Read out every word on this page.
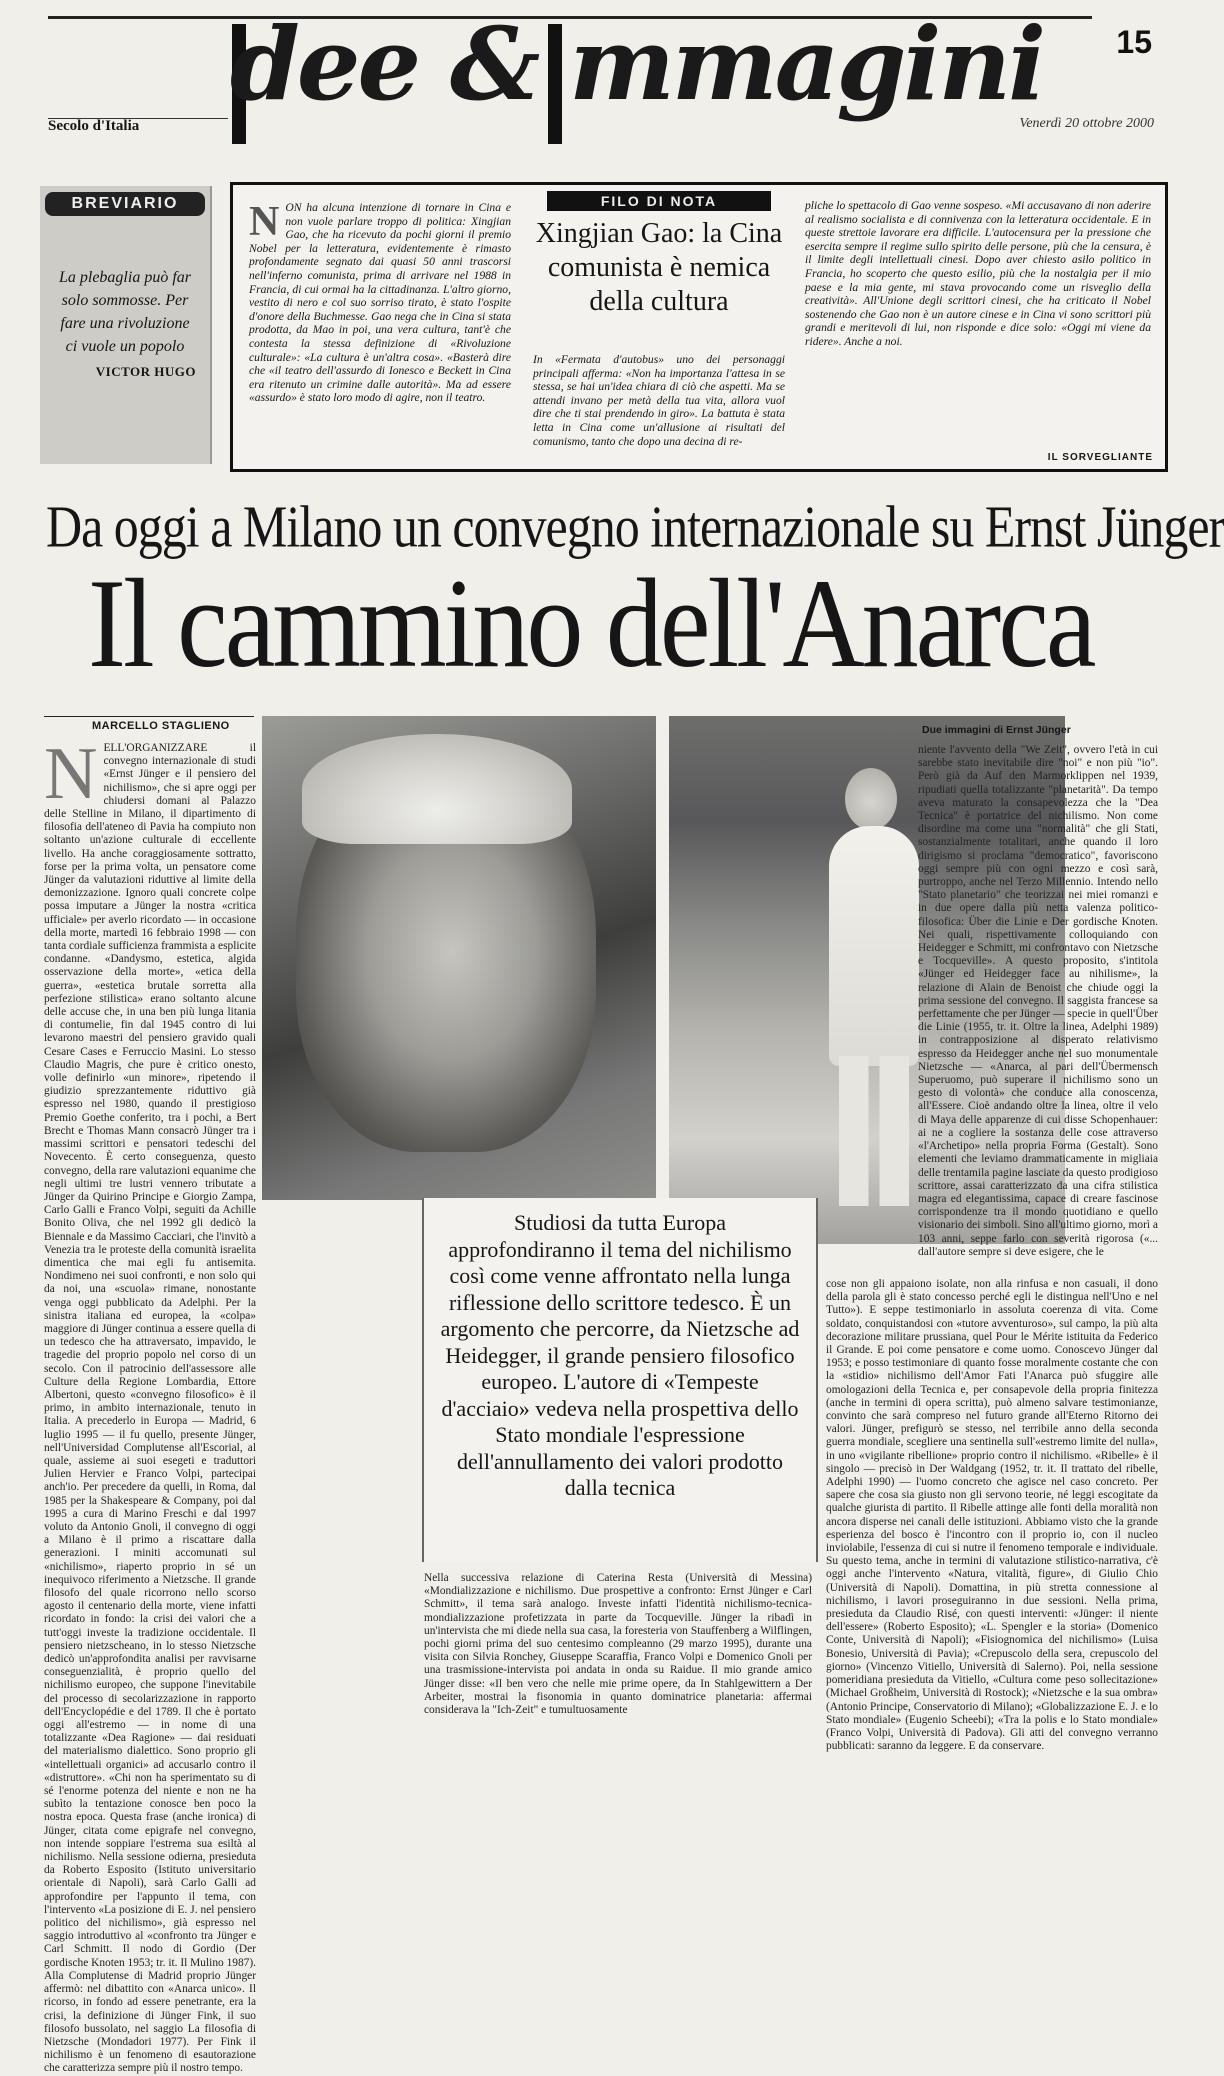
dee & mmagini 15
Secolo d'Italia	Venerdì 20 ottobre 2000
BREVIARIO
La plebaglia può far solo sommosse. Per fare una rivoluzione ci vuole un popolo
VICTOR HUGO
NON ha alcuna intenzione di tornare in Cina e non vuole parlare troppo di politica: Xingjian Gao, che ha ricevuto da pochi giorni il premio Nobel per la letteratura, evidentemente è rimasto profondamente segnato dai quasi 50 anni trascorsi nell'inferno comunista, prima di arrivare nel 1988 in Francia, di cui ormai ha la cittadinanza. L'altro giorno, vestito di nero e col suo sorriso tirato, è stato l'ospite d'onore della Buchmesse. Gao nega che in Cina si stata prodotta, da Mao in poi, una vera cultura, tant'è che contesta la stessa definizione di «Rivoluzione culturale»: «La cultura è un'altra cosa». «Basterà dire che «il teatro dell'assurdo di Ionesco e Beckett in Cina era ritenuto un crimine dalle autorità». Ma ad essere «assurdo» è stato loro modo di agire, non il teatro.
FILO DI NOTA
Xingjian Gao: la Cina comunista è nemica della cultura
In «Fermata d'autobus» uno dei personaggi principali afferma: «Non ha importanza l'attesa in se stessa, se hai un'idea chiara di ciò che aspetti. Ma se attendi invano per metà della tua vita, allora vuol dire che ti stai prendendo in giro». La battuta è stata letta in Cina come un'allusione ai risultati del comunismo, tanto che dopo una decina di re-
pliche lo spettacolo di Gao venne sospeso. «Mi accusavano di non aderire al realismo socialista e di connivenza con la letteratura occidentale. E in queste strettoie lavorare era difficile. L'autocensura per la pressione che esercita sempre il regime sullo spirito delle persone, più che la censura, è il limite degli intellettuali cinesi. Dopo aver chiesto asilo politico in Francia, ho scoperto che questo esilio, più che la nostalgia per il mio paese e la mia gente, mi stava provocando come un risveglio della creatività». All'Unione degli scrittori cinesi, che ha criticato il Nobel sostenendo che Gao non è un autore cinese e in Cina vi sono scrittori più grandi e meritevoli di lui, non risponde e dice solo: «Oggi mi viene da ridere». Anche a noi.
IL SORVEGLIANTE
Da oggi a Milano un convegno internazionale su Ernst Jünger
Il cammino dell'Anarca
MARCELLO STAGLIENO
NELL'ORGANIZZARE il convegno internazionale di studi «Ernst Jünger e il pensiero del nichilismo», che si apre oggi per chiudersi domani al Palazzo delle Stelline in Milano, il dipartimento di filosofia dell'ateneo di Pavia ha compiuto non soltanto un'azione culturale di eccellente livello. Ha anche coraggiosamente sottratto, forse per la prima volta, un pensatore come Jünger da valutazioni riduttive al limite della demonizzazione. Ignoro quali concrete colpe possa imputare a Jünger la nostra «critica ufficiale» per averlo ricordato — in occasione della morte, martedì 16 febbraio 1998 — con tanta cordiale sufficienza frammista a esplicite condanne. «Dandysmo, estetica, algida osservazione della morte», «etica della guerra», «estetica brutale sorretta alla perfezione stilistica» erano soltanto alcune delle accuse che, in una ben più lunga litania di contumelie, fin dal 1945 contro di lui levarono maestri del pensiero gravido quali Cesare Cases e Ferruccio Masini. Lo stesso Claudio Magris, che pure è critico onesto, volle definirlo «un minore», ripetendo il giudizio sprezzantemente riduttivo già espresso nel 1980, quando il prestigioso Premio Goethe conferito, tra i pochi, a Bert Brecht e Thomas Mann consacrò Jünger tra i massimi scrittori e pensatori tedeschi del Novecento. È certo conseguenza, questo convegno, della rare valutazioni equanime che negli ultimi tre lustri vennero tributate a Jünger da Quirino Principe e Giorgio Zampa, Carlo Galli e Franco Volpi, seguiti da Achille Bonito Oliva, che nel 1992 gli dedicò la Biennale e da Massimo Cacciari, che l'invitò a Venezia tra le proteste della comunità israelita dimentica che mai egli fu antisemita. Nondimeno nei suoi confronti, e non solo qui da noi, una «scuola» rimane, nonostante venga oggi pubblicato da Adelphi. Per la sinistra italiana ed europea, la «colpa» maggiore di Jünger continua a essere quella di un tedesco che ha attraversato, impavido, le tragedie del proprio popolo nel corso di un secolo. Con il patrocinio dell'assessore alle Culture della Regione Lombardia, Ettore Albertoni, questo «convegno filosofico» è il primo, in ambito internazionale, tenuto in Italia. A precederlo in Europa — Madrid, 6 luglio 1995 — il fu quello, presente Jünger, nell'Universidad Complutense all'Escorial, al quale, assieme ai suoi esegeti e traduttori Julien Hervier e Franco Volpi, partecipai anch'io. Per precedere da quelli, in Roma, dal 1985 per la Shakespeare & Company, poi dal 1995 a cura di Marino Freschi e dal 1997 voluto da Antonio Gnoli, il convegno di oggi a Milano è il primo a riscattare dalla generazioni. I miniti accomunati sul «nichilismo», riaperto proprio in sé un inequivoco riferimento a Nietzsche. Il grande filosofo del quale ricorrono nello scorso agosto il centenario della morte, viene infatti ricordato in fondo: la crisi dei valori che a tutt'oggi investe la tradizione occidentale. Il pensiero nietzscheano, in lo stesso Nietzsche dedicò un'approfondita analisi per ravvisarne conseguenzialità, è proprio quello del nichilismo europeo, che suppone l'inevitabile del processo di secolarizzazione in rapporto dell'Encyclopédie e del 1789. Il che è portato oggi all'estremo — in nome di una totalizzante «Dea Ragione» — dai residuati del materialismo dialettico. Sono proprio gli «intellettuali organici» ad accusarlo contro il «distruttore». «Chi non ha sperimentato su di sé l'enorme potenza del niente e non ne ha subìto la tentazione conosce ben poco la nostra epoca. Questa frase (anche ironica) di Jünger, citata come epigrafe nel convegno, non intende soppiare l'estrema sua esiltà al nichilismo. Nella sessione odierna, presieduta da Roberto Esposito (Istituto universitario orientale di Napoli), sarà Carlo Galli ad approfondire per l'appunto il tema, con l'intervento «La posizione di E. J. nel pensiero politico del nichilismo», già espresso nel saggio introduttivo al «confronto tra Jünger e Carl Schmitt. Il nodo di Gordio (Der gordische Knoten 1953; tr. it. Il Mulino 1987). Alla Complutense di Madrid proprio Jünger affermò: nel dibattito con «Anarca unico». Il ricorso, in fondo ad essere penetrante, era la crisi, la definizione di Jünger Fink, il suo filosofo bussolato, nel saggio La filosofia di Nietzsche (Mondadori 1977). Per Fink il nichilismo è un fenomeno di esautorazione che caratterizza sempre più il nostro tempo.
Due immagini di Ernst Jünger
niente l'avvento della "We Zeit", ovvero l'età in cui sarebbe stato inevitabile dire "noi" e non più "io". Però già da Auf den Marmorklippen nel 1939, ripudiati quella totalizzante "planetarità". Da tempo aveva maturato la consapevolezza che la "Dea Tecnica" è portatrice del nichilismo. Non come disordine ma come una "normalità" che gli Stati, sostanzialmente totalitari, anche quando il loro dirigismo si proclama "democratico", favoriscono oggi sempre più con ogni mezzo e così sarà, purtroppo, anche nel Terzo Millennio. Intendo nello "Stato planetario" che teorizzai nei miei romanzi e in due opere dalla più netta valenza politico-filosofica: Über die Linie e Der gordische Knoten. Nei quali, rispettivamente colloquiando con Heidegger e Schmitt, mi confrontavo con Nietzsche e Tocqueville». A questo proposito, s'intitola «Jünger ed Heidegger face au nihilisme», la relazione di Alain de Benoist che chiude oggi la prima sessione del convegno. Il saggista francese sa perfettamente che per Jünger — specie in quell'Über die Linie (1955, tr. it. Oltre la linea, Adelphi 1989) in contrapposizione al disperato relativismo espresso da Heidegger anche nel suo monumentale Nietzsche — «Anarca, al pari dell'Übermensch Superuomo, può superare il nichilismo sono un gesto di volontà» che conduce alla conoscenza, all'Essere. Cioè andando oltre la linea, oltre il velo di Maya delle apparenze di cui disse Schopenhauer: ai ne a cogliere la sostanza delle cose attraverso «l'Archetipo» nella propria Forma (Gestalt). Sono elementi che leviamo drammaticamente in migliaia delle trentamila pagine lasciate da questo prodigioso scrittore, assai caratterizzato da una cifra stilistica magra ed elegantissima, capace di creare fascinose corrispondenze tra il mondo quotidiano e quello visionario dei simboli. Sino all'ultimo giorno, morì a 103 anni, seppe farlo con severità rigorosa («... dall'autore sempre si deve esigere, che le
Studiosi da tutta Europa approfondiranno il tema del nichilismo così come venne affrontato nella lunga riflessione dello scrittore tedesco. È un argomento che percorre, da Nietzsche ad Heidegger, il grande pensiero filosofico europeo. L'autore di «Tempeste d'acciaio» vedeva nella prospettiva dello Stato mondiale l'espressione dell'annullamento dei valori prodotto dalla tecnica
Nella successiva relazione di Caterina Resta (Università di Messina) «Mondializzazione e nichilismo. Due prospettive a confronto: Ernst Jünger e Carl Schmitt», il tema sarà analogo. Investe infatti l'identità nichilismo-tecnica-mondializzazione profetizzata in parte da Tocqueville. Jünger la ribadì in un'intervista che mi diede nella sua casa, la foresteria von Stauffenberg a Wilflingen, pochi giorni prima del suo centesimo compleanno (29 marzo 1995), durante una visita con Silvia Ronchey, Giuseppe Scaraffia, Franco Volpi e Domenico Gnoli per una trasmissione-intervista poi andata in onda su Raidue. Il mio grande amico Jünger disse: «Il ben vero che nelle mie prime opere, da In Stahlgewittern a Der Arbeiter, mostrai la fisonomia in quanto dominatrice planetaria: affermai considerava la "Ich-Zeit" e tumultuosamente
cose non gli appaiono isolate, non alla rinfusa e non casuali, il dono della parola gli è stato concesso perché egli le distingua nell'Uno e nel Tutto»). E seppe testimoniarlo in assoluta coerenza di vita. Come soldato, conquistandosi con «tutore avventuroso», sul campo, la più alta decorazione militare prussiana, quel Pour le Mérite istituita da Federico il Grande. E poi come pensatore e come uomo. Conoscevo Jünger dal 1953; e posso testimoniare di quanto fosse moralmente costante che con la «stidio» nichilismo dell'Amor Fati l'Anarca può sfuggire alle omologazioni della Tecnica e, per consapevole della propria finitezza (anche in termini di opera scritta), può almeno salvare testimonianze, convinto che sarà compreso nel futuro grande all'Eterno Ritorno dei valori. Jünger, prefigurò se stesso, nel terribile anno della seconda guerra mondiale, scegliere una sentinella sull'«estremo limite del nulla», in uno «vigilante ribellione» proprio contro il nichilismo. «Ribelle» è il singolo — precisò in Der Waldgang (1952, tr. it. Il trattato del ribelle, Adelphi 1990) — l'uomo concreto che agisce nel caso concreto. Per sapere che cosa sia giusto non gli servono teorie, né leggi escogitate da qualche giurista di partito. Il Ribelle attinge alle fonti della moralità non ancora disperse nei canali delle istituzioni. Abbiamo visto che la grande esperienza del bosco è l'incontro con il proprio io, con il nucleo inviolabile, l'essenza di cui si nutre il fenomeno temporale e individuale. Su questo tema, anche in termini di valutazione stilistico-narrativa, c'è oggi anche l'intervento «Natura, vitalità, figure», di Giulio Chio (Università di Napoli). Domattina, in più stretta connessione al nichilismo, i lavori proseguiranno in due sessioni. Nella prima, presieduta da Claudio Risé, con questi interventi: «Jünger: il niente dell'essere» (Roberto Esposito); «L. Spengler e la storia» (Domenico Conte, Università di Napoli); «Fisiognomica del nichilismo» (Luisa Bonesio, Università di Pavia); «Crepuscolo della sera, crepuscolo del giorno» (Vincenzo Vitiello, Università di Salerno). Poi, nella sessione pomeridiana presieduta da Vitiello, «Cultura come peso sollecitazione» (Michael Großheim, Università di Rostock); «Nietzsche e la sua ombra» (Antonio Principe, Conservatorio di Milano); «Globalizzazione E. J. e lo Stato mondiale» (Eugenio Scheebi); «Tra la polis e lo Stato mondiale» (Franco Volpi, Università di Padova). Gli atti del convegno verranno pubblicati: saranno da leggere. E da conservare.
